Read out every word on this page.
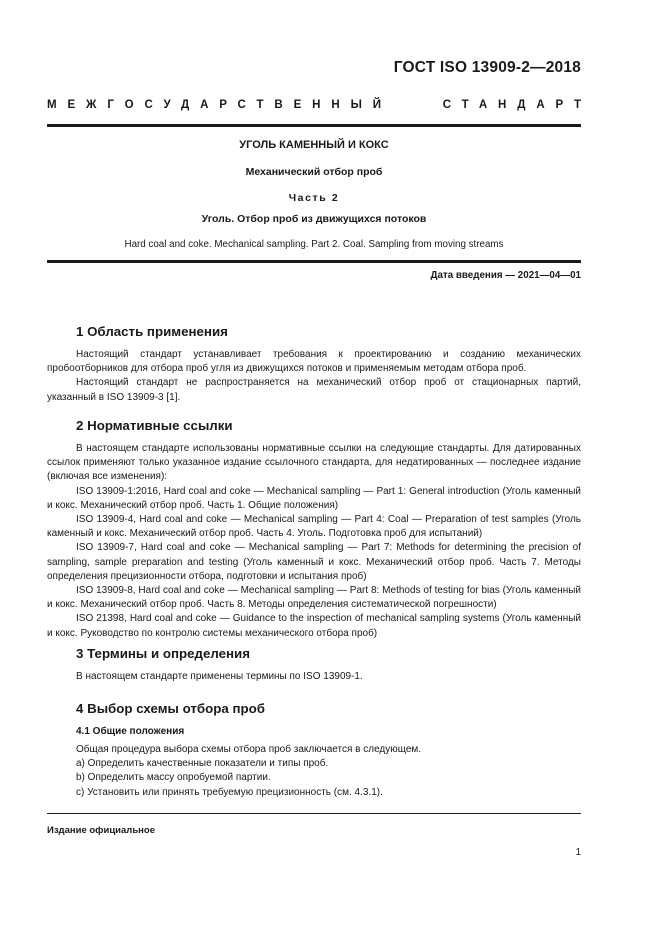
ГОСТ ISO 13909-2—2018
МЕЖГОСУДАРСТВЕННЫЙ	СТАНДАРТ
УГОЛЬ КАМЕННЫЙ И КОКС
Механический отбор проб
Часть 2
Уголь. Отбор проб из движущихся потоков
Hard coal and coke. Mechanical sampling. Part 2. Coal. Sampling from moving streams
Дата введения — 2021—04—01
1 Область применения
Настоящий стандарт устанавливает требования к проектированию и созданию механических пробоотборников для отбора проб угля из движущихся потоков и применяемым методам отбора проб.
Настоящий стандарт не распространяется на механический отбор проб от стационарных партий, указанный в ISO 13909-3 [1].
2 Нормативные ссылки
В настоящем стандарте использованы нормативные ссылки на следующие стандарты. Для датированных ссылок применяют только указанное издание ссылочного стандарта, для недатированных — последнее издание (включая все изменения):
ISO 13909-1:2016, Hard coal and coke — Mechanical sampling — Part 1: General introduction (Уголь каменный и кокс. Механический отбор проб. Часть 1. Общие положения)
ISO 13909-4, Hard coal and coke — Mechanical sampling — Part 4: Coal — Preparation of test samples (Уголь каменный и кокс. Механический отбор проб. Часть 4. Уголь. Подготовка проб для испытаний)
ISO 13909-7, Hard coal and coke — Mechanical sampling — Part 7: Methods for determining the precision of sampling, sample preparation and testing (Уголь каменный и кокс. Механический отбор проб. Часть 7. Методы определения прецизионности отбора, подготовки и испытания проб)
ISO 13909-8, Hard coal and coke — Mechanical sampling — Part 8: Methods of testing for bias (Уголь каменный и кокс. Механический отбор проб. Часть 8. Методы определения систематической погрешности)
ISO 21398, Hard coal and coke — Guidance to the inspection of mechanical sampling systems (Уголь каменный и кокс. Руководство по контролю системы механического отбора проб)
3 Термины и определения
В настоящем стандарте применены термины по ISO 13909-1.
4 Выбор схемы отбора проб
4.1 Общие положения
Общая процедура выбора схемы отбора проб заключается в следующем.
a) Определить качественные показатели и типы проб.
b) Определить массу опробуемой партии.
c) Установить или принять требуемую прецизионность (см. 4.3.1).
Издание официальное
1
